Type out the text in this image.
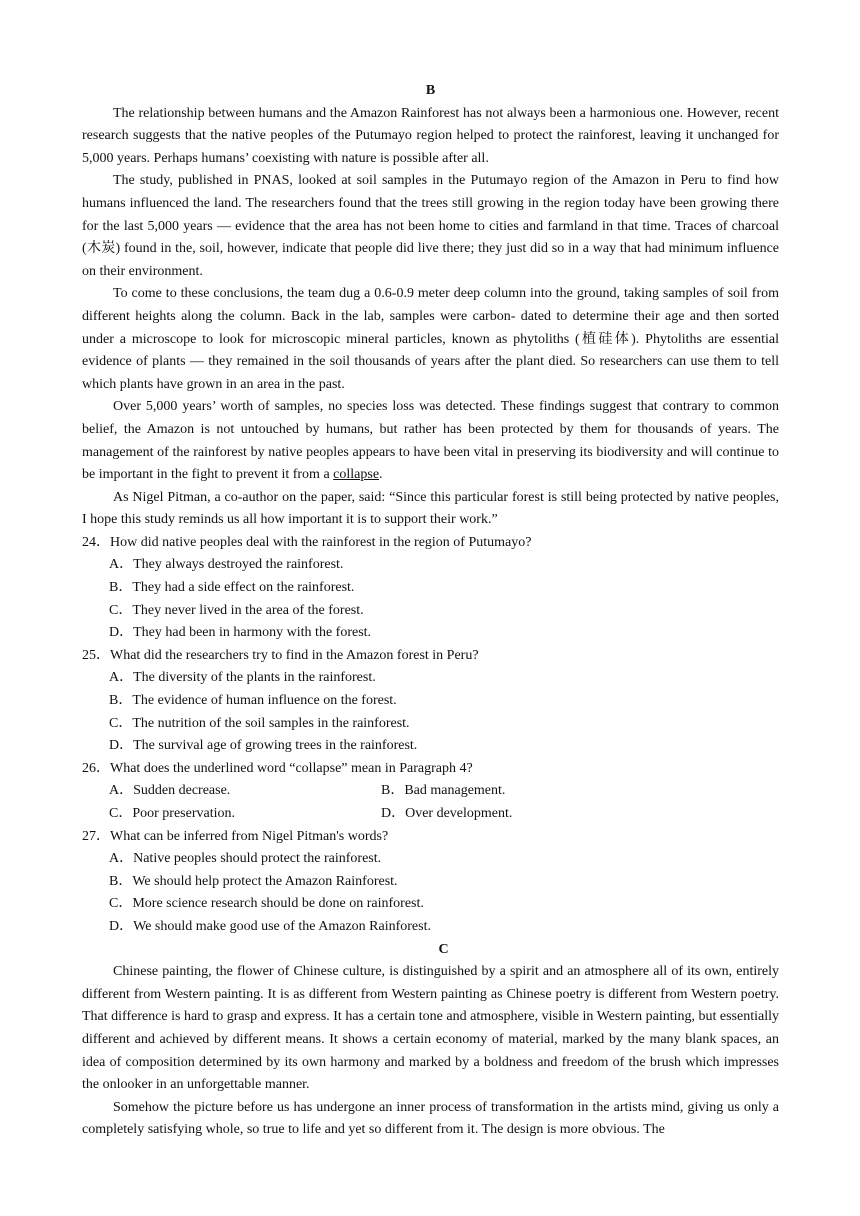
B

The relationship between humans and the Amazon Rainforest has not always been a harmonious one. However, recent research suggests that the native peoples of the Putumayo region helped to protect the rainforest, leaving it unchanged for 5,000 years. Perhaps humans’ coexisting with nature is possible after all.

The study, published in PNAS, looked at soil samples in the Putumayo region of the Amazon in Peru to find how humans influenced the land. The researchers found that the trees still growing in the region today have been growing there for the last 5,000 years — evidence that the area has not been home to cities and farmland in that time. Traces of charcoal (木炭) found in the, soil, however, indicate that people did live there; they just did so in a way that had minimum influence on their environment.

To come to these conclusions, the team dug a 0.6-0.9 meter deep column into the ground, taking samples of soil from different heights along the column. Back in the lab, samples were carbon- dated to determine their age and then sorted under a microscope to look for microscopic mineral particles, known as phytoliths (植硅体). Phytoliths are essential evidence of plants — they remained in the soil thousands of years after the plant died. So researchers can use them to tell which plants have grown in an area in the past.

Over 5,000 years’ worth of samples, no species loss was detected. These findings suggest that contrary to common belief, the Amazon is not untouched by humans, but rather has been protected by them for thousands of years. The management of the rainforest by native peoples appears to have been vital in preserving its biodiversity and will continue to be important in the fight to prevent it from a collapse.

As Nigel Pitman, a co-author on the paper, said: “Since this particular forest is still being protected by native peoples, I hope this study reminds us all how important it is to support their work.”

24．How did native peoples deal with the rainforest in the region of Putumayo?
A．They always destroyed the rainforest.
B．They had a side effect on the rainforest.
C．They never lived in the area of the forest.
D．They had been in harmony with the forest.
25．What did the researchers try to find in the Amazon forest in Peru?
A．The diversity of the plants in the rainforest.
B．The evidence of human influence on the forest.
C．The nutrition of the soil samples in the rainforest.
D．The survival age of growing trees in the rainforest.
26．What does the underlined word “collapse” mean in Paragraph 4?
A．Sudden decrease.	B．Bad management.
C．Poor preservation.	D．Over development.
27．What can be inferred from Nigel Pitman's words?
A．Native peoples should protect the rainforest.
B．We should help protect the Amazon Rainforest.
C．More science research should be done on rainforest.
D．We should make good use of the Amazon Rainforest.
C

Chinese painting, the flower of Chinese culture, is distinguished by a spirit and an atmosphere all of its own, entirely different from Western painting. It is as different from Western painting as Chinese poetry is different from Western poetry. That difference is hard to grasp and express. It has a certain tone and atmosphere, visible in Western painting, but essentially different and achieved by different means. It shows a certain economy of material, marked by the many blank spaces, an idea of composition determined by its own harmony and marked by a boldness and freedom of the brush which impresses the onlooker in an unforgettable manner.

Somehow the picture before us has undergone an inner process of transformation in the artists mind, giving us only a completely satisfying whole, so true to life and yet so different from it. The design is more obvious. The
